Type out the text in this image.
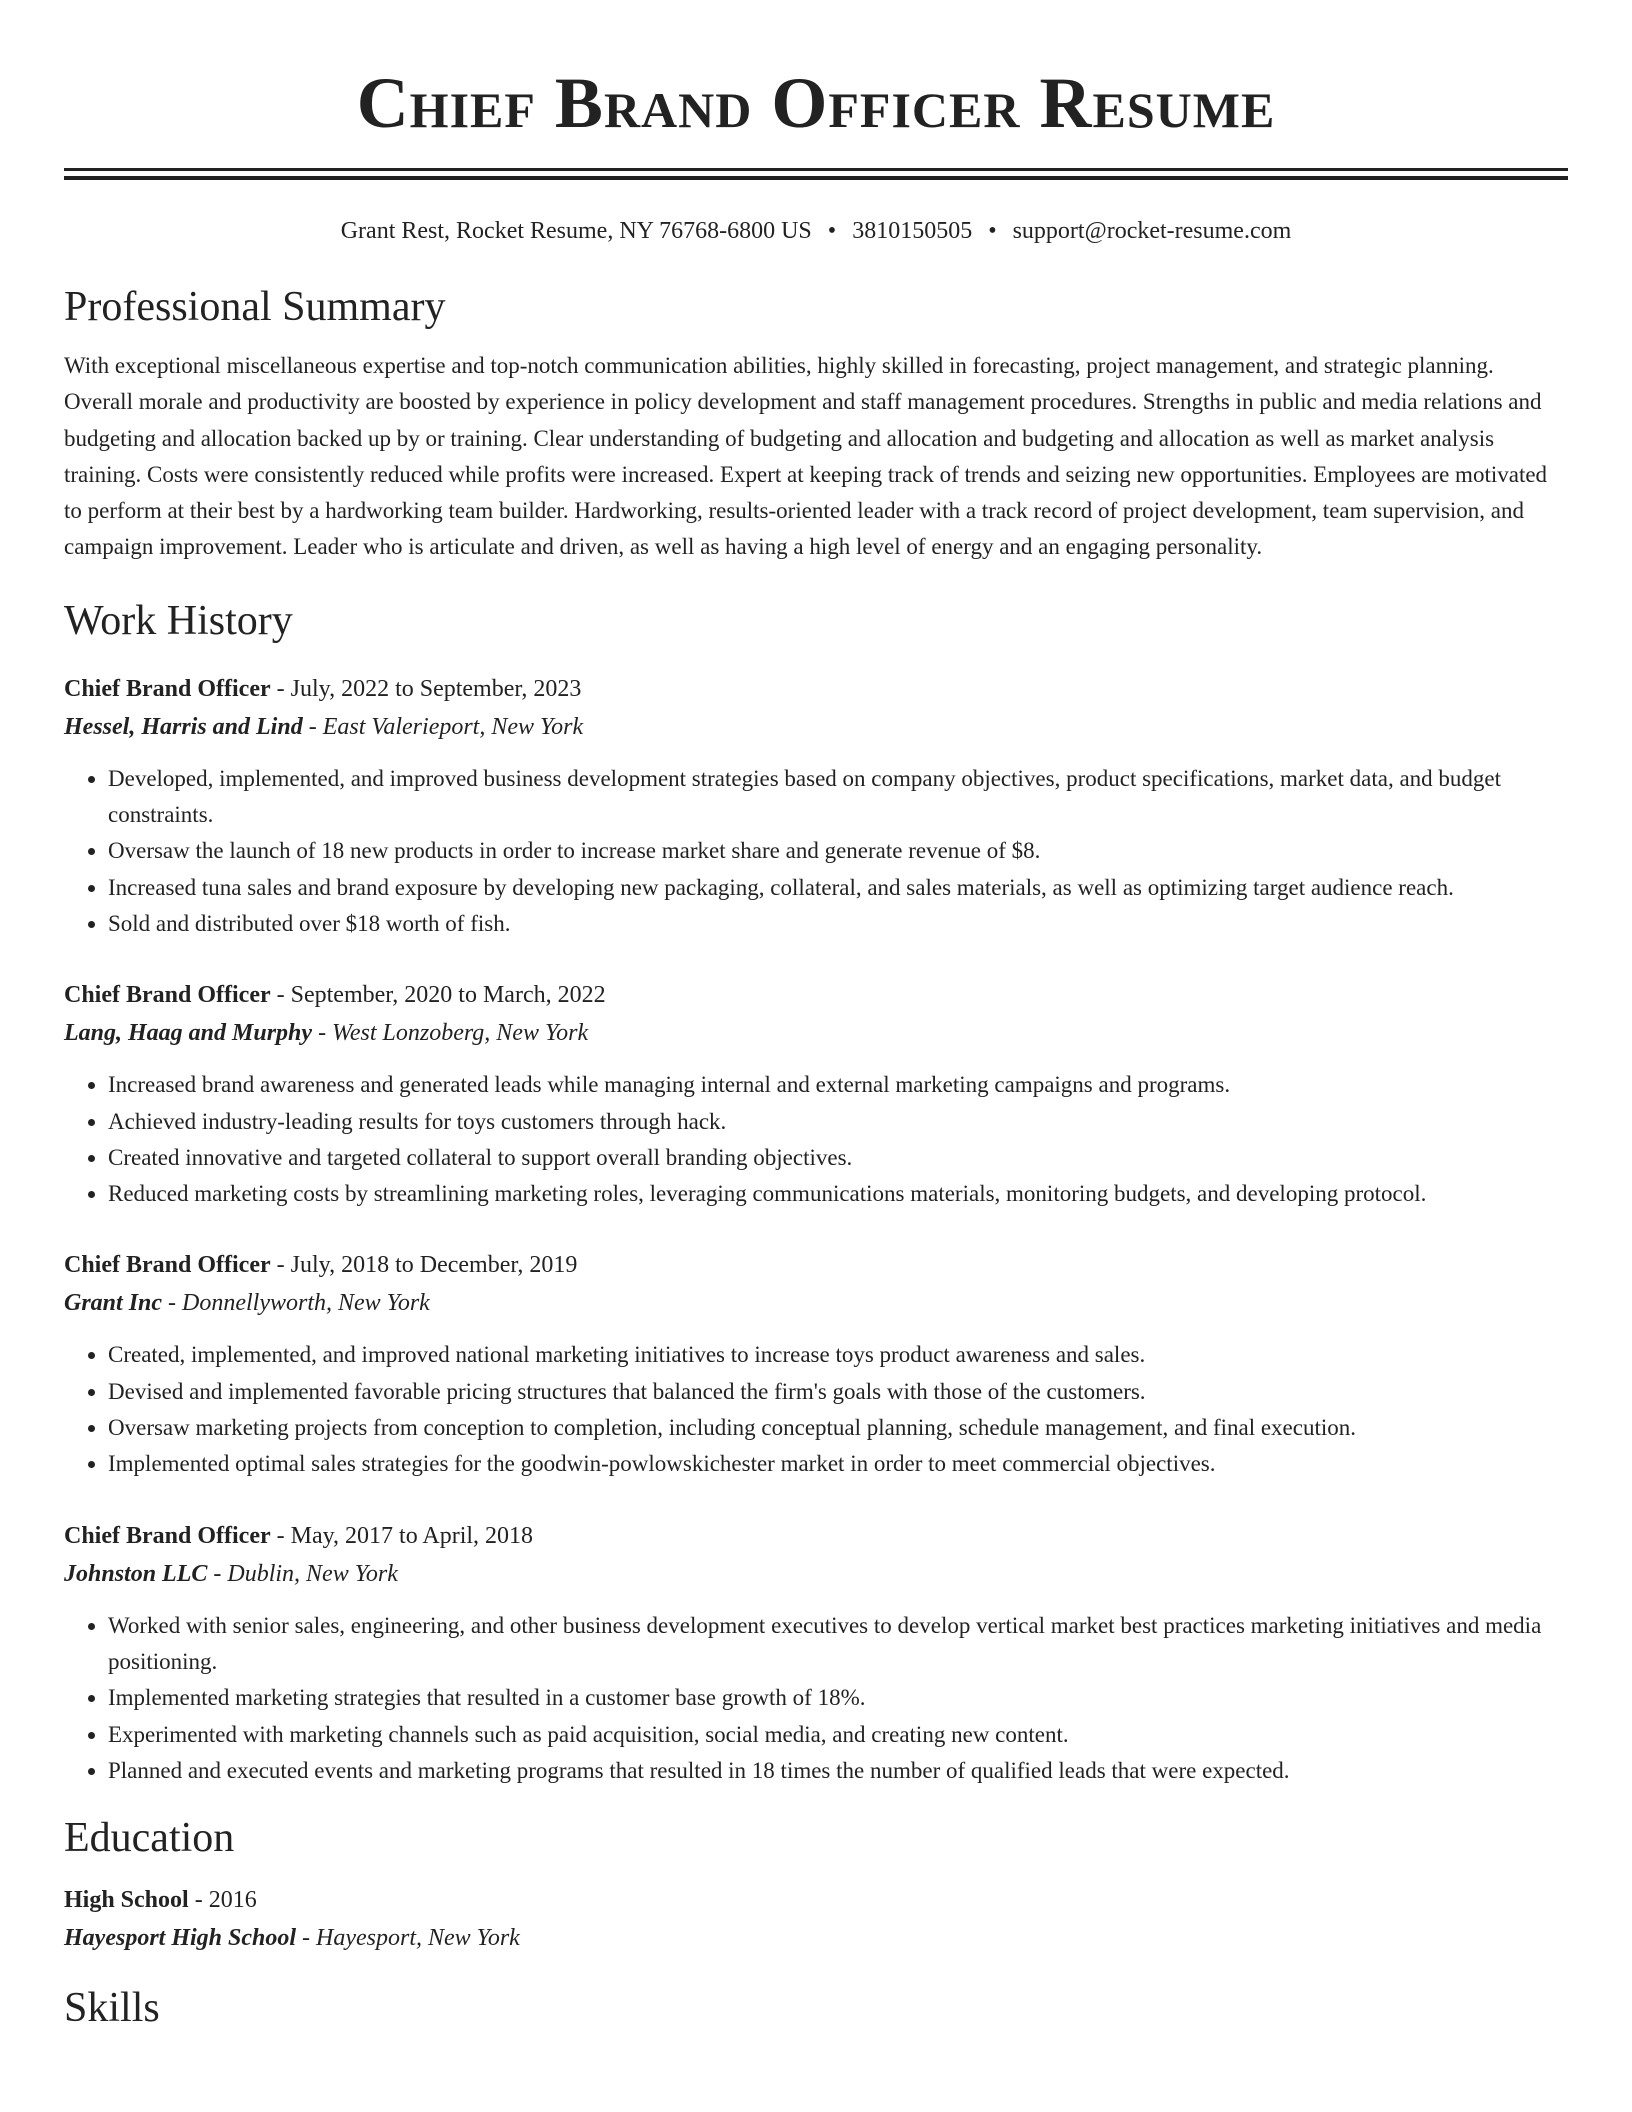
Chief Brand Officer Resume
Grant Rest, Rocket Resume, NY 76768-6800 US • 3810150505 • support@rocket-resume.com
Professional Summary

With exceptional miscellaneous expertise and top-notch communication abilities, highly skilled in forecasting, project management, and strategic planning. Overall morale and productivity are boosted by experience in policy development and staff management procedures. Strengths in public and media relations and budgeting and allocation backed up by or training. Clear understanding of budgeting and allocation and budgeting and allocation as well as market analysis training. Costs were consistently reduced while profits were increased. Expert at keeping track of trends and seizing new opportunities. Employees are motivated to perform at their best by a hardworking team builder. Hardworking, results-oriented leader with a track record of project development, team supervision, and campaign improvement. Leader who is articulate and driven, as well as having a high level of energy and an engaging personality.

Work History
Chief Brand Officer - July, 2022 to September, 2023
Hessel, Harris and Lind - East Valerieport, New York
• Developed, implemented, and improved business development strategies based on company objectives, product specifications, market data, and budget constraints.
• Oversaw the launch of 18 new products in order to increase market share and generate revenue of $8.
• Increased tuna sales and brand exposure by developing new packaging, collateral, and sales materials, as well as optimizing target audience reach.
• Sold and distributed over $18 worth of fish.
Chief Brand Officer - September, 2020 to March, 2022
Lang, Haag and Murphy - West Lonzoberg, New York
• Increased brand awareness and generated leads while managing internal and external marketing campaigns and programs.
• Achieved industry-leading results for toys customers through hack.
• Created innovative and targeted collateral to support overall branding objectives.
• Reduced marketing costs by streamlining marketing roles, leveraging communications materials, monitoring budgets, and developing protocol.
Chief Brand Officer - July, 2018 to December, 2019
Grant Inc - Donnellyworth, New York
• Created, implemented, and improved national marketing initiatives to increase toys product awareness and sales.
• Devised and implemented favorable pricing structures that balanced the firm's goals with those of the customers.
• Oversaw marketing projects from conception to completion, including conceptual planning, schedule management, and final execution.
• Implemented optimal sales strategies for the goodwin-powlowskichester market in order to meet commercial objectives.
Chief Brand Officer - May, 2017 to April, 2018
Johnston LLC - Dublin, New York
• Worked with senior sales, engineering, and other business development executives to develop vertical market best practices marketing initiatives and media positioning.
• Implemented marketing strategies that resulted in a customer base growth of 18%.
• Experimented with marketing channels such as paid acquisition, social media, and creating new content.
• Planned and executed events and marketing programs that resulted in 18 times the number of qualified leads that were expected.
Education
High School - 2016
Hayesport High School - Hayesport, New York
Skills
